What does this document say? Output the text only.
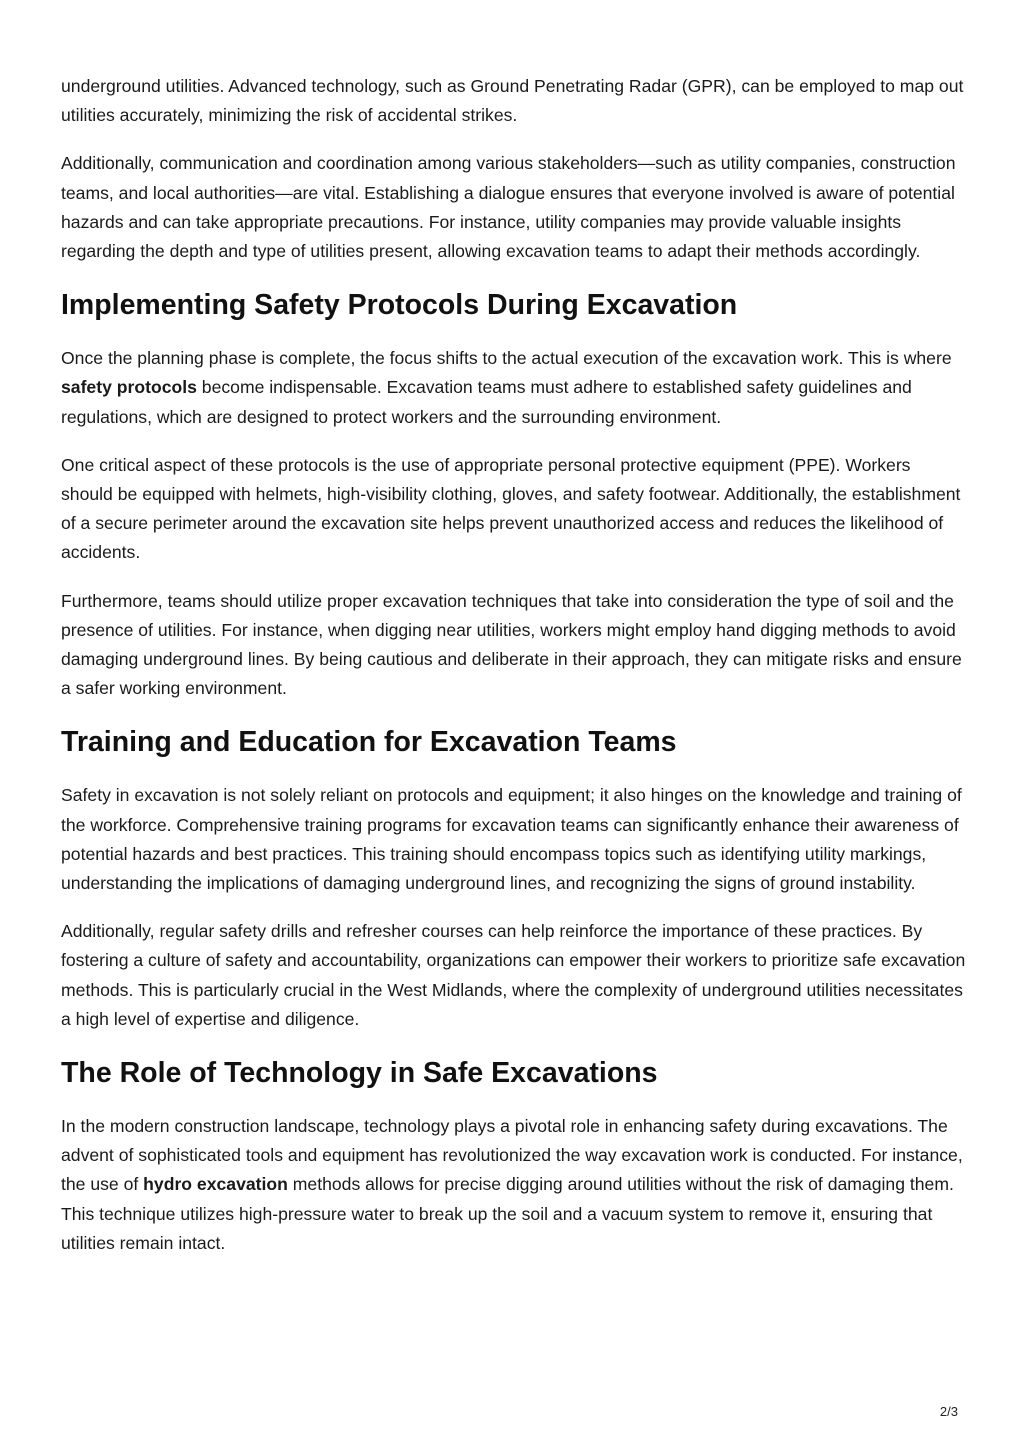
underground utilities. Advanced technology, such as Ground Penetrating Radar (GPR), can be employed to map out utilities accurately, minimizing the risk of accidental strikes.

Additionally, communication and coordination among various stakeholders—such as utility companies, construction teams, and local authorities—are vital. Establishing a dialogue ensures that everyone involved is aware of potential hazards and can take appropriate precautions. For instance, utility companies may provide valuable insights regarding the depth and type of utilities present, allowing excavation teams to adapt their methods accordingly.

Implementing Safety Protocols During Excavation

Once the planning phase is complete, the focus shifts to the actual execution of the excavation work. This is where safety protocols become indispensable. Excavation teams must adhere to established safety guidelines and regulations, which are designed to protect workers and the surrounding environment.

One critical aspect of these protocols is the use of appropriate personal protective equipment (PPE). Workers should be equipped with helmets, high-visibility clothing, gloves, and safety footwear. Additionally, the establishment of a secure perimeter around the excavation site helps prevent unauthorized access and reduces the likelihood of accidents.

Furthermore, teams should utilize proper excavation techniques that take into consideration the type of soil and the presence of utilities. For instance, when digging near utilities, workers might employ hand digging methods to avoid damaging underground lines. By being cautious and deliberate in their approach, they can mitigate risks and ensure a safer working environment.

Training and Education for Excavation Teams

Safety in excavation is not solely reliant on protocols and equipment; it also hinges on the knowledge and training of the workforce. Comprehensive training programs for excavation teams can significantly enhance their awareness of potential hazards and best practices. This training should encompass topics such as identifying utility markings, understanding the implications of damaging underground lines, and recognizing the signs of ground instability.

Additionally, regular safety drills and refresher courses can help reinforce the importance of these practices. By fostering a culture of safety and accountability, organizations can empower their workers to prioritize safe excavation methods. This is particularly crucial in the West Midlands, where the complexity of underground utilities necessitates a high level of expertise and diligence.

The Role of Technology in Safe Excavations

In the modern construction landscape, technology plays a pivotal role in enhancing safety during excavations. The advent of sophisticated tools and equipment has revolutionized the way excavation work is conducted. For instance, the use of hydro excavation methods allows for precise digging around utilities without the risk of damaging them. This technique utilizes high-pressure water to break up the soil and a vacuum system to remove it, ensuring that utilities remain intact.

2/3
